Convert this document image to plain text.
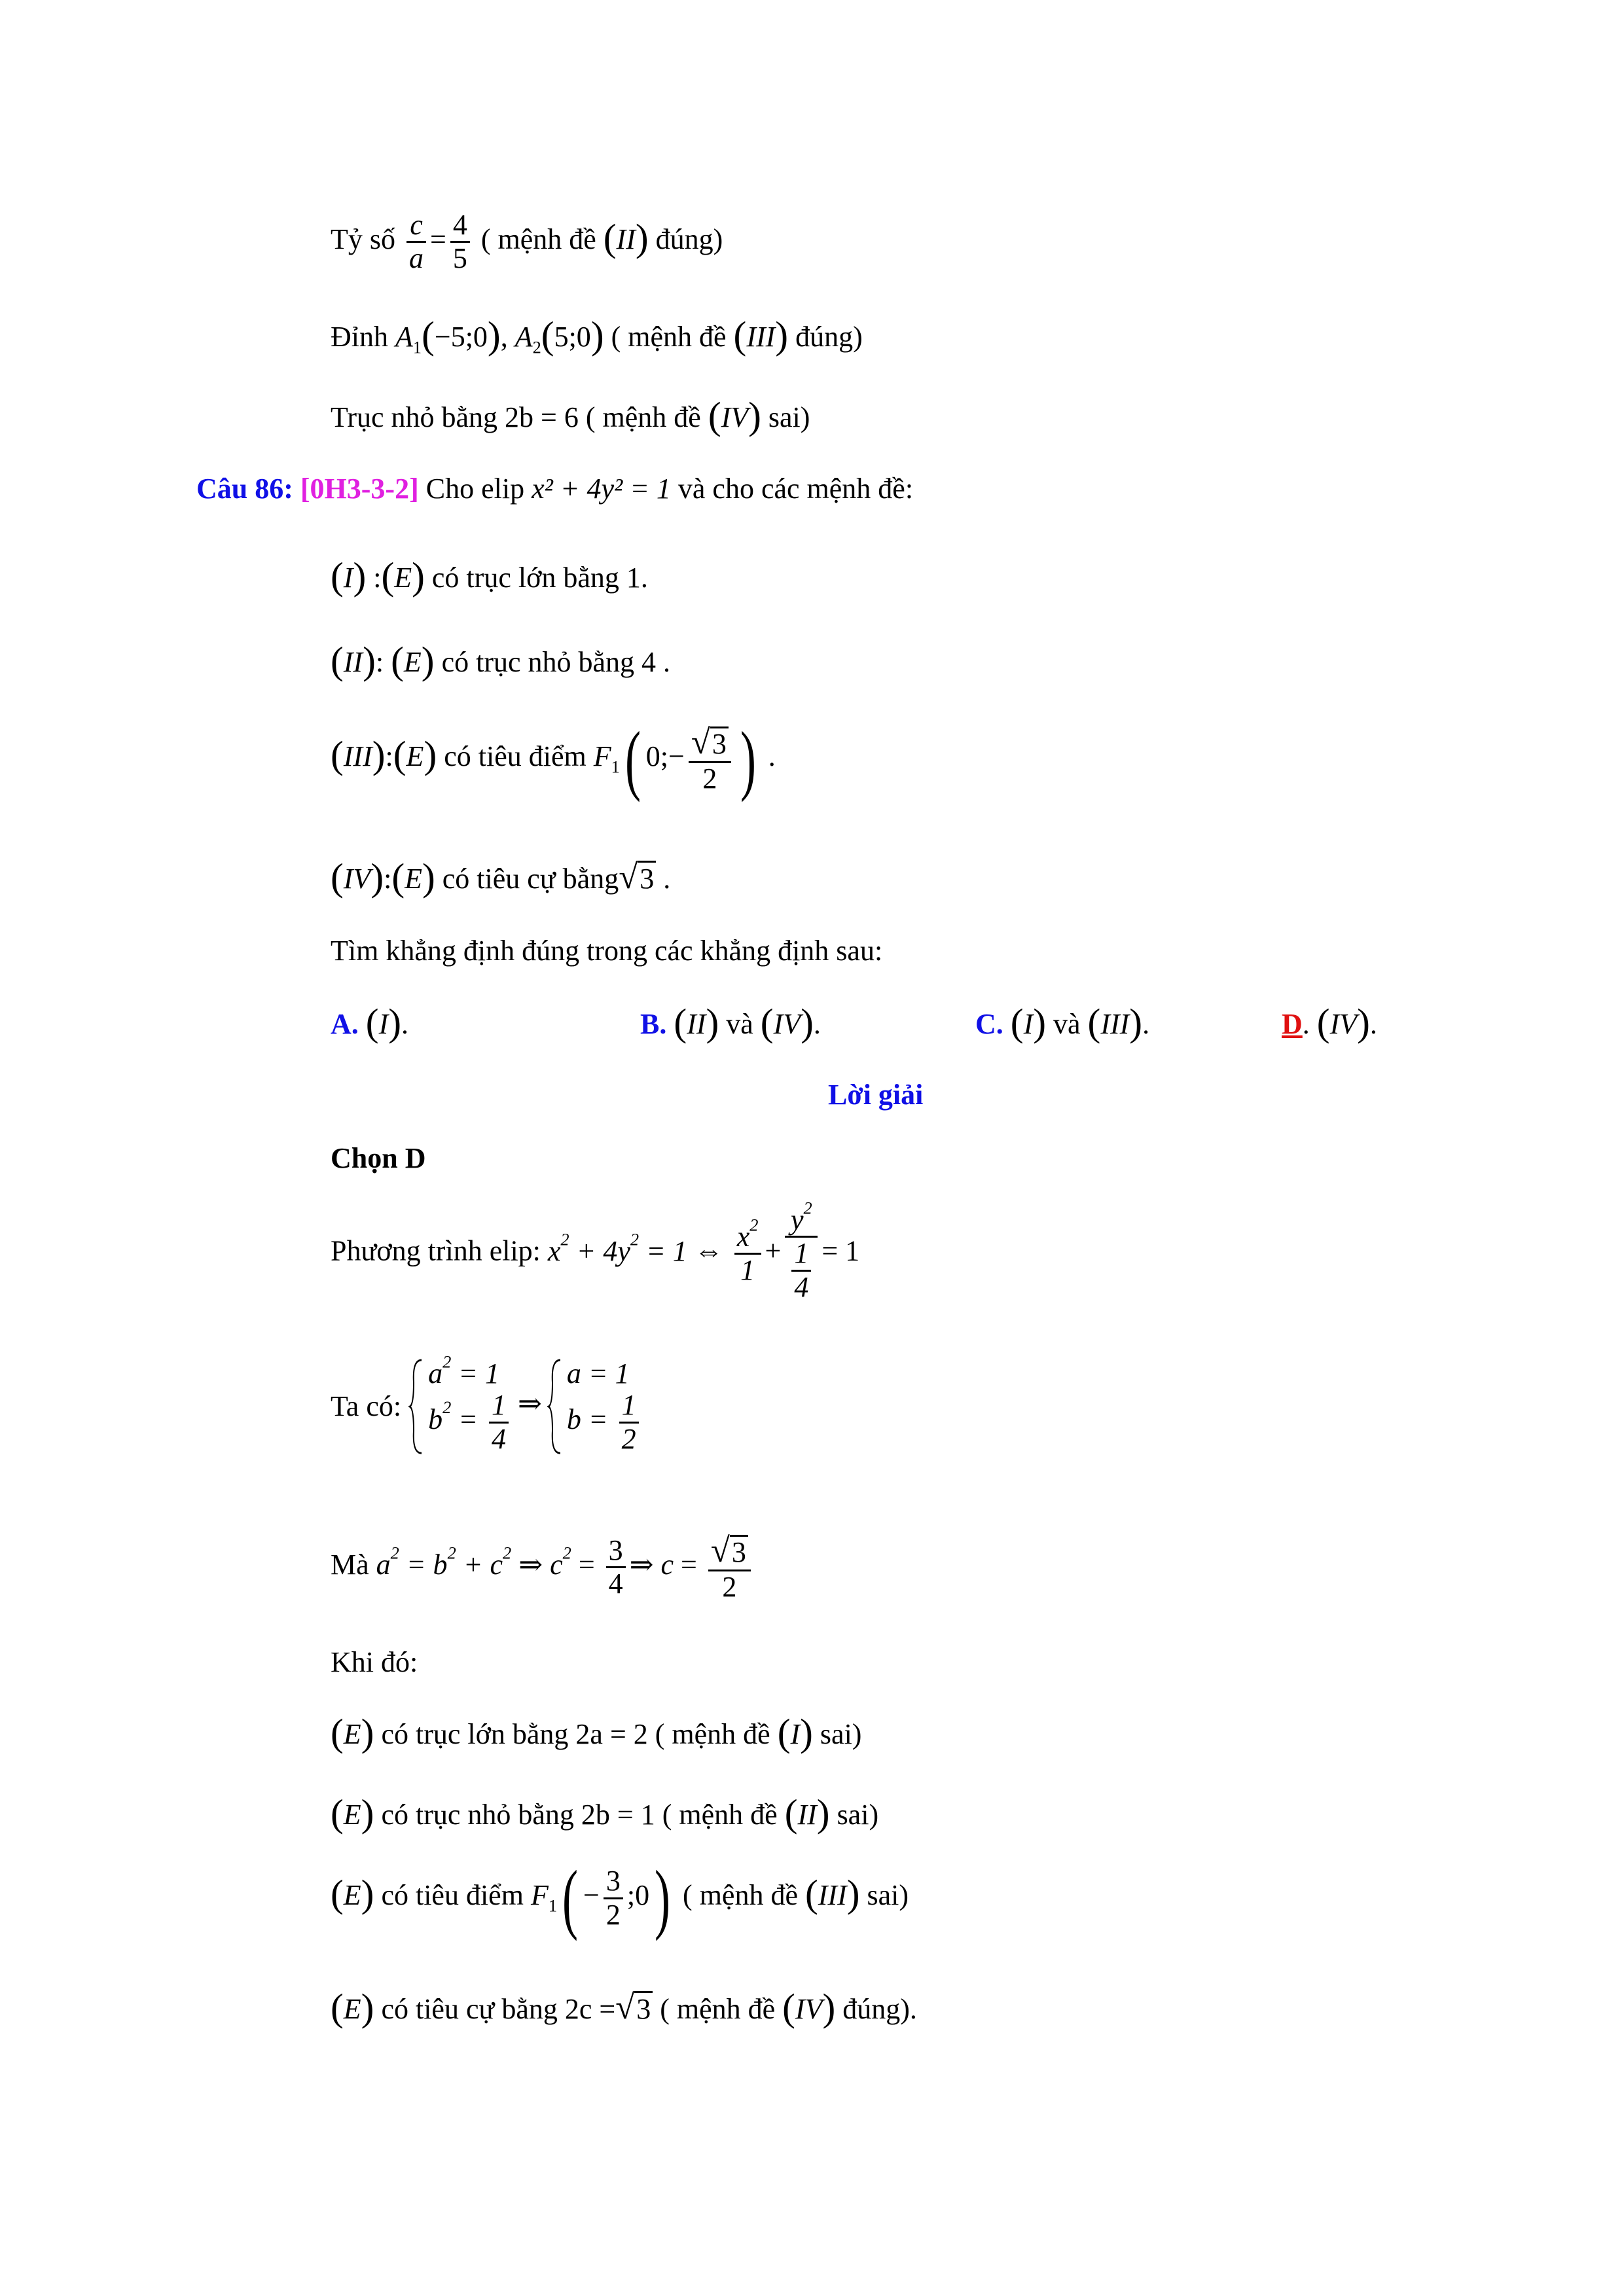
Tỷ số $\frac{c}{a} = \frac{4}{5}$ ( mệnh đề (II) đúng)
Đỉnh $A_1(-5;0)$, $A_2(5;0)$ ( mệnh đề (III) đúng)
Trục nhỏ bằng 2b = 6 ( mệnh đề (IV) sai)
Câu 86: [0H3-3-2] Cho elip x² + 4y² = 1 và cho các mệnh đề:
(I) :(E) có trục lớn bằng 1.
(II): (E) có trục nhỏ bằng 4 .
(III):(E) có tiêu điểm $F_1$( 0;− $\frac{√3}{2}$ ) .
(IV):(E) có tiêu cự bằng√3 .
Tìm khẳng định đúng trong các khẳng định sau:
A. (I).	B. (II) và (IV).	C. (I) và (III).	D. (IV).
Lời giải
Chọn D
Phương trình elip: $x^2 + 4y^2 = 1$ ⇔ $\frac{x^2}{1} + \frac{y^2}{\frac{1}{4}} = 1$
Ta có:
$a^2 = 1$
$b^2 = \frac{1}{4}$ ⇒
a = 1
$b = \frac{1}{2}$
Mà $a^2 = b^2 + c^2$ ⇒ $c^2 = \frac{3}{4}$ ⇒ $c = \frac{√3}{2}$
Khi đó:
(E) có trục lớn bằng 2a = 2 ( mệnh đề (I) sai)
(E) có trục nhỏ bằng 2b = 1 ( mệnh đề (II) sai)
(E) có tiêu điểm $F_1( - \frac{3}{2}$ ;0) ( mệnh đề (III) sai)
(E) có tiêu cự bằng 2c =√3 ( mệnh đề (IV) đúng).
